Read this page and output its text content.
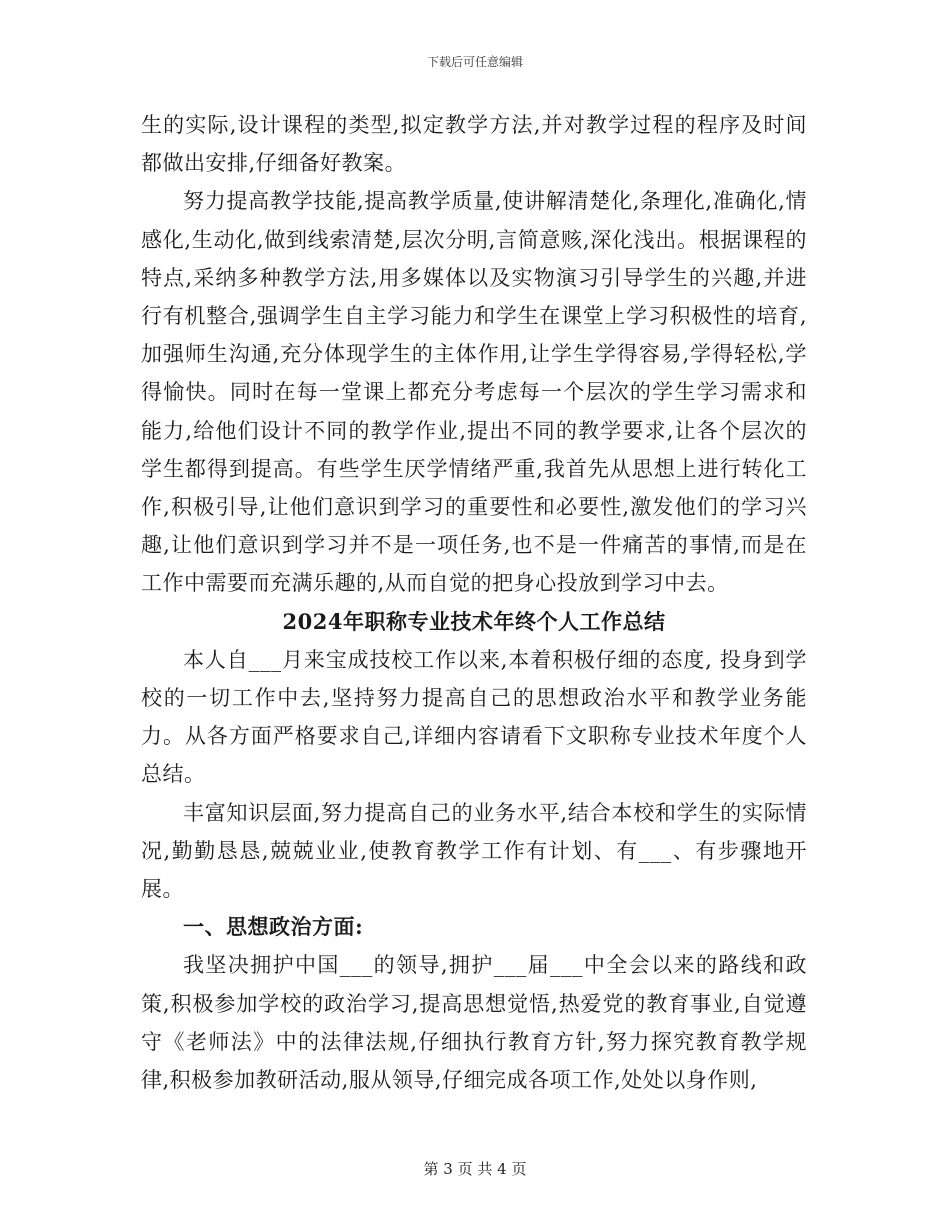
下载后可任意编辑

生的实际,设计课程的类型,拟定教学方法,并对教学过程的程序及时间都做出安排,仔细备好教案。

努力提高教学技能,提高教学质量,使讲解清楚化,条理化,准确化,情感化,生动化,做到线索清楚,层次分明,言简意赅,深化浅出。根据课程的特点,采纳多种教学方法,用多媒体以及实物演习引导学生的兴趣,并进行有机整合,强调学生自主学习能力和学生在课堂上学习积极性的培育,加强师生沟通,充分体现学生的主体作用,让学生学得容易,学得轻松,学得愉快。同时在每一堂课上都充分考虑每一个层次的学生学习需求和能力,给他们设计不同的教学作业,提出不同的教学要求,让各个层次的学生都得到提高。有些学生厌学情绪严重,我首先从思想上进行转化工作,积极引导,让他们意识到学习的重要性和必要性,激发他们的学习兴趣,让他们意识到学习并不是一项任务,也不是一件痛苦的事情,而是在工作中需要而充满乐趣的,从而自觉的把身心投放到学习中去。

2024年职称专业技术年终个人工作总结

本人自___月来宝成技校工作以来,本着积极仔细的态度, 投身到学校的一切工作中去,坚持努力提高自己的思想政治水平和教学业务能力。从各方面严格要求自己,详细内容请看下文职称专业技术年度个人总结。

丰富知识层面,努力提高自己的业务水平,结合本校和学生的实际情况,勤勤恳恳,兢兢业业,使教育教学工作有计划、有___、有步骤地开展。

一、思想政治方面:

我坚决拥护中国___的领导,拥护___届___中全会以来的路线和政策,积极参加学校的政治学习,提高思想觉悟,热爱党的教育事业,自觉遵守《老师法》中的法律法规,仔细执行教育方针,努力探究教育教学规律,积极参加教研活动,服从领导,仔细完成各项工作,处处以身作则,

第 3 页 共 4 页
